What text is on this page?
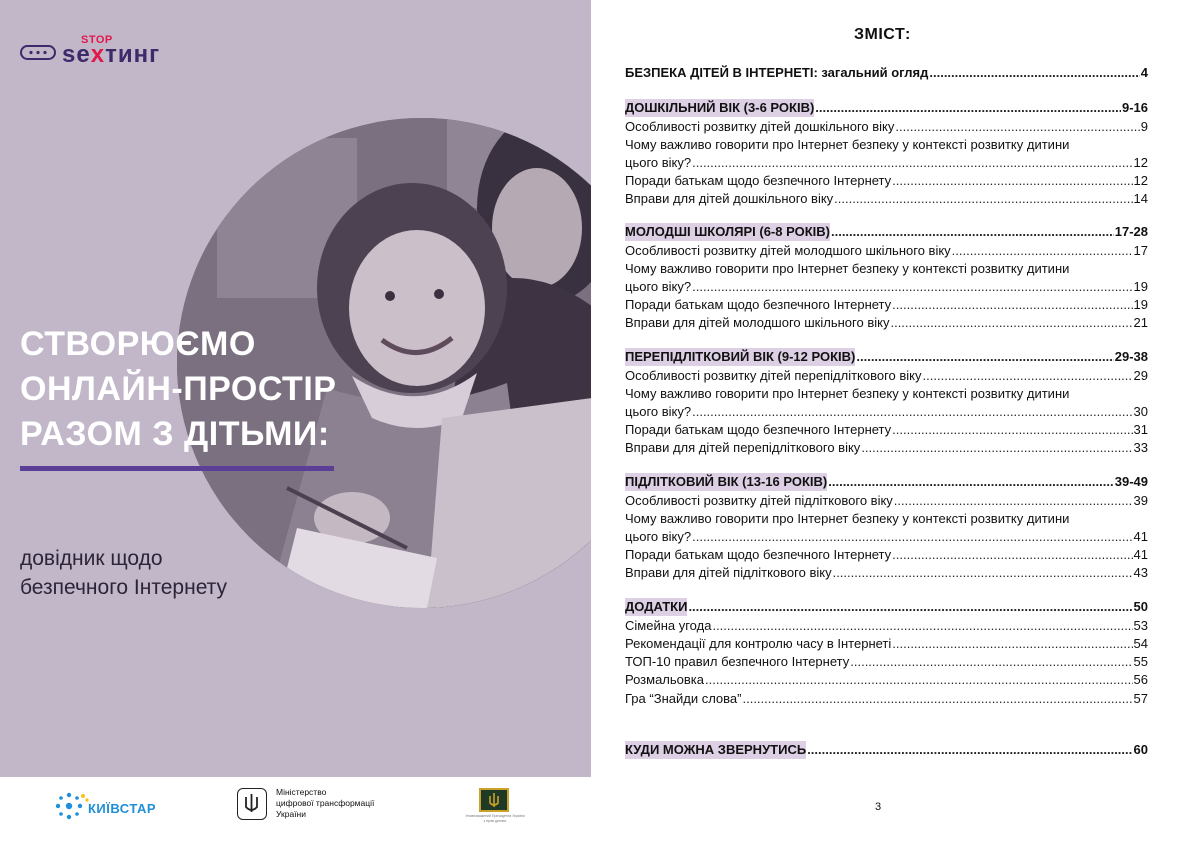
STOP
sexтинг
СТВОРЮЄМО
ОНЛАЙН-ПРОСТІР
РАЗОМ З ДІТЬМИ:

довідник щодо
безпечного Інтернету

КИЇВСТАР
Міністерство
цифрової трансформації
України	Уповноважений Президента України з прав дитини
ЗМІСТ:
БЕЗПЕКА ДІТЕЙ В ІНТЕРНЕТІ: загальний огляд .....	4
ДОШКІЛЬНИЙ ВІК (3-6 РОКІВ) .....	9-16
Особливості розвитку дітей дошкільного віку .....	9
Чому важливо говорити про Інтернет безпеку у контексті розвитку дитини
цього віку? .....	12
Поради батькам щодо безпечного Інтернету .....	12
Вправи для дітей дошкільного віку .....	14
МОЛОДШІ ШКОЛЯРІ (6-8 РОКІВ) .....	17-28
Особливості розвитку дітей молодшого шкільного віку .....	17
Чому важливо говорити про Інтернет безпеку у контексті розвитку дитини
цього віку? .....	19
Поради батькам щодо безпечного Інтернету .....	19
Вправи для дітей молодшого шкільного віку .....	21
ПЕРЕПІДЛІТКОВИЙ ВІК (9-12 РОКІВ) .....	29-38
Особливості розвитку дітей перепідліткового віку .....	29
Чому важливо говорити про Інтернет безпеку у контексті розвитку дитини
цього віку? .....	30
Поради батькам щодо безпечного Інтернету .....	31
Вправи для дітей перепідліткового віку .....	33
ПІДЛІТКОВИЙ ВІК (13-16 РОКІВ) .....	39-49
Особливості розвитку дітей підліткового віку .....	39
Чому важливо говорити про Інтернет безпеку у контексті розвитку дитини
цього віку? .....	41
Поради батькам щодо безпечного Інтернету .....	41
Вправи для дітей підліткового віку .....	43
ДОДАТКИ .....	50
Сімейна угода .....	53
Рекомендації для контролю часу в Інтернеті .....	54
ТОП-10 правил безпечного Інтернету .....	55
Розмальовка .....	56
Гра “Знайди слова” .....	57
КУДИ МОЖНА ЗВЕРНУТИСЬ .....	60
3
